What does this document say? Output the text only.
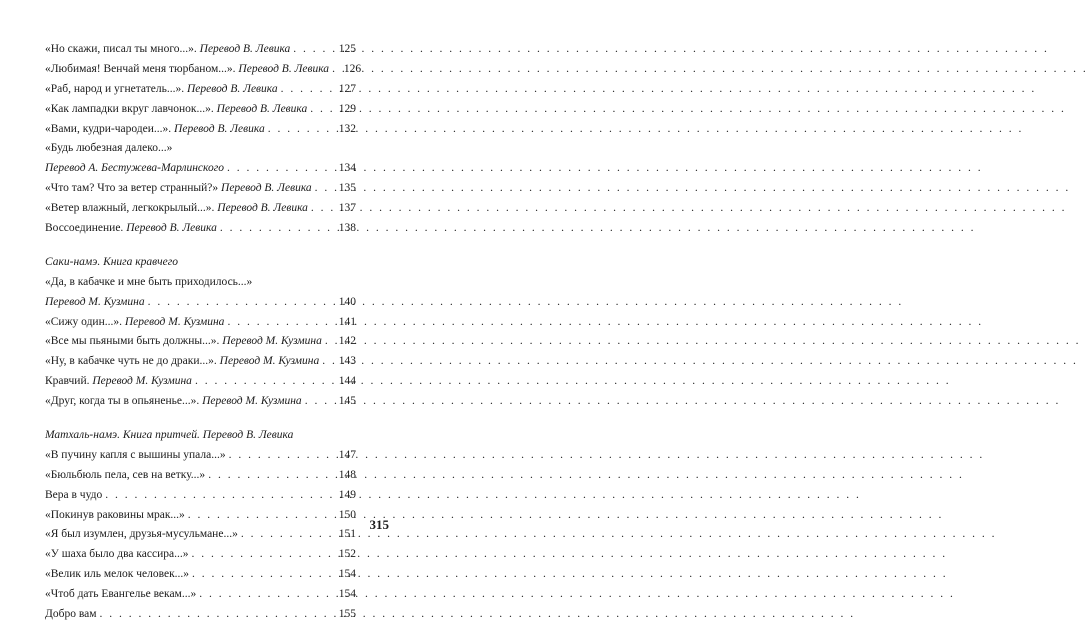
«Но скажи, писал ты много...». Перевод В. Левика . . .	125
«Любимая! Венчай меня тюрбаном...». Перевод В. Левика . . . 126
«Раб, народ и угнетатель...». Перевод В. Левика . . .	127
«Как лампадки вкруг лавчонок...». Перевод В. Левика . . .	129
«Вами, кудри-чародеи...». Перевод В. Левика . . .	132
«Будь любезная далеко...»
Перевод А. Бестужева-Марлинского . . .	134
«Что там? Что за ветер странный?» Перевод В. Левика . . . 135
«Ветер влажный, легкокрылый...». Перевод В. Левика . . .	137
Воссоединение. Перевод В. Левика . . .	138
Саки-намэ. Книга кравчего
«Да, в кабачке и мне быть приходилось...»
Перевод М. Кузмина . . .	140
«Сижу один...». Перевод М. Кузмина . . .	141
«Все мы пьяными быть должны...». Перевод М. Кузмина . . . 142
«Ну, в кабачке чуть не до драки...». Перевод М. Кузмина . . . 143
Кравчий. Перевод М. Кузмина . . .	144
«Друг, когда ты в опьяненье...». Перевод М. Кузмина . . .	145
Матхаль-намэ. Книга притчей. Перевод В. Левика
«В пучину капля с вышины упала...» . . .	147
«Бюльбюль пела, сев на ветку...» . . .	148
Вера в чудо . . .	149
«Покинув раковины мрак...» . . .	150
«Я был изумлен, друзья-мусульмане...» . . .	151
«У шаха было два кассира...» . . .	152
«Велик иль мелок человек...» . . .	154
«Чтоб дать Евангелье векам...» . . .	154
Добро вам . . .	155
315
